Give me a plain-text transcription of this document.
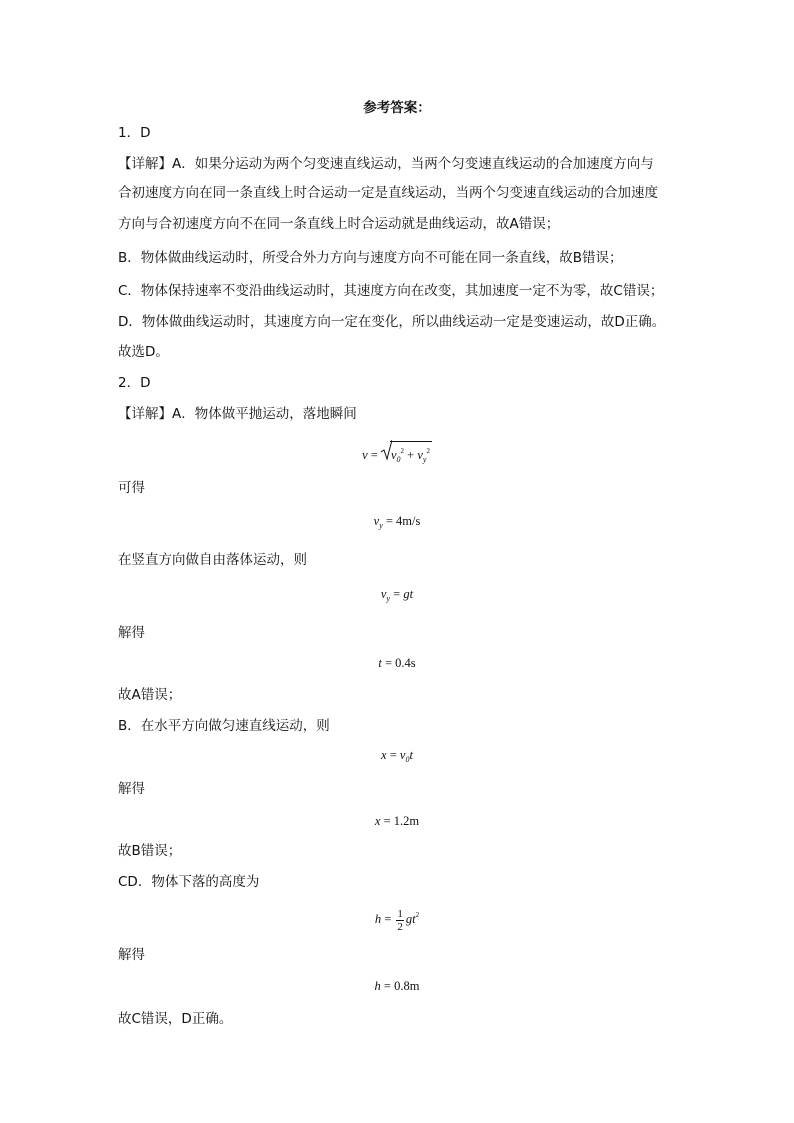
参考答案：
1．D
【详解】A．如果分运动为两个匀变速直线运动，当两个匀变速直线运动的合加速度方向与
合初速度方向在同一条直线上时合运动一定是直线运动，当两个匀变速直线运动的合加速度
方向与合初速度方向不在同一条直线上时合运动就是曲线运动，故A错误；
B．物体做曲线运动时，所受合外力方向与速度方向不可能在同一条直线，故B错误；
C．物体保持速率不变沿曲线运动时，其速度方向在改变，其加速度一定不为零，故C错误；
D．物体做曲线运动时，其速度方向一定在变化，所以曲线运动一定是变速运动，故D正确。
故选D。
2．D
【详解】A．物体做平抛运动，落地瞬间
v =
$v_0^2 + v_y^2$
可得
$v_y = 4m/s$
在竖直方向做自由落体运动，则
$v_y$ = gt
解得
t = 0.4s
故A错误；
B．在水平方向做匀速直线运动，则
$x = v_0t$
解得
x = 1.2m
故B错误；
CD．物体下落的高度为
$h = \frac{1}{2} gt^2$
解得
h = 0.8m
故C错误，D正确。
